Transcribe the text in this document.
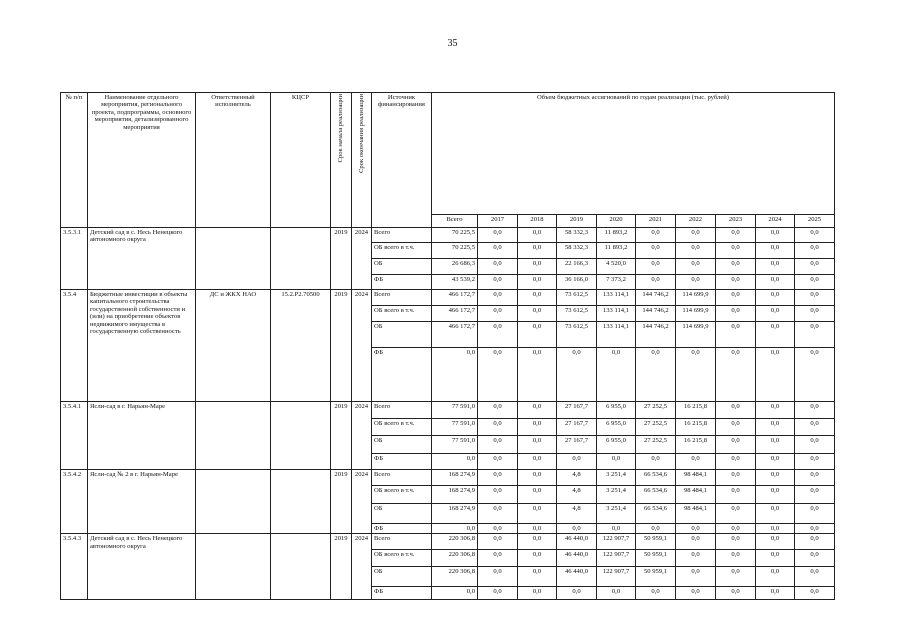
35
№ п/п	Наименование отдельного мероприятия, регионального проекта, подпрограммы, основного мероприятия, детализированного мероприятия	Ответственный исполнитель	КЦСР	Срок начала реализации	Срок окончания реализации	Источник финансирования	Объем бюджетных ассигнований по годам реализации (тыс. рублей)									
							Всего	2017	2018	2019	2020	2021	2022	2023	2024	2025
3.5.3.1	Детский сад в с. Несь Ненецкого автономного округа			2019	2024	Всего	70 225,5	0,0	0,0	58 332,3	11 893,2	0,0	0,0	0,0	0,0	0,0
						ОБ всего в т.ч.	70 225,5	0,0	0,0	58 332,3	11 893,2	0,0	0,0	0,0	0,0	0,0
						ОБ	26 686,3	0,0	0,0	22 166,3	4 520,0	0,0	0,0	0,0	0,0	0,0
						ФБ	43 539,2	0,0	0,0	36 166,0	7 373,2	0,0	0,0	0,0	0,0	0,0
3.5.4	Бюджетные инвестиции в объекты капитального строительства государственной собственности и (или) на приобретение объектов недвижимого имущества в государственную собственность	ДС и ЖКХ НАО	15.2.Р2.70500	2019	2024	Всего	466 172,7	0,0	0,0	73 612,5	133 114,1	144 746,2	114 699,9	0,0	0,0	0,0
						ОБ всего в т.ч.	466 172,7	0,0	0,0	73 612,5	133 114,1	144 746,2	114 699,9	0,0	0,0	0,0
						ОБ	466 172,7	0,0	0,0	73 612,5	133 114,1	144 746,2	114 699,9	0,0	0,0	0,0
						ФБ	0,0	0,0	0,0	0,0	0,0	0,0	0,0	0,0	0,0	0,0
3.5.4.1	Ясли-сад в г. Нарьян-Маре			2019	2024	Всего	77 591,0	0,0	0,0	27 167,7	6 955,0	27 252,5	16 215,8	0,0	0,0	0,0
						ОБ всего в т.ч.	77 591,0	0,0	0,0	27 167,7	6 955,0	27 252,5	16 215,8	0,0	0,0	0,0
						ОБ	77 591,0	0,0	0,0	27 167,7	6 955,0	27 252,5	16 215,8	0,0	0,0	0,0
						ФБ	0,0	0,0	0,0	0,0	0,0	0,0	0,0	0,0	0,0	0,0
3.5.4.2	Ясли-сад № 2 в г. Нарьян-Маре			2019	2024	Всего	168 274,9	0,0	0,0	4,8	3 251,4	66 534,6	98 484,1	0,0	0,0	0,0
						ОБ всего в т.ч.	168 274,9	0,0	0,0	4,8	3 251,4	66 534,6	98 484,1	0,0	0,0	0,0
						ОБ	168 274,9	0,0	0,0	4,8	3 251,4	66 534,6	98 484,1	0,0	0,0	0,0
						ФБ	0,0	0,0	0,0	0,0	0,0	0,0	0,0	0,0	0,0	0,0
3.5.4.3	Детский сад в с. Несь Ненецкого автономного округа			2019	2024	Всего	220 306,8	0,0	0,0	46 440,0	122 907,7	50 959,1	0,0	0,0	0,0	0,0
						ОБ всего в т.ч.	220 306,8	0,0	0,0	46 440,0	122 907,7	50 959,1	0,0	0,0	0,0	0,0
						ОБ	220 306,8	0,0	0,0	46 440,0	122 907,7	50 959,1	0,0	0,0	0,0	0,0
						ФБ	0,0	0,0	0,0	0,0	0,0	0,0	0,0	0,0	0,0	0,0
